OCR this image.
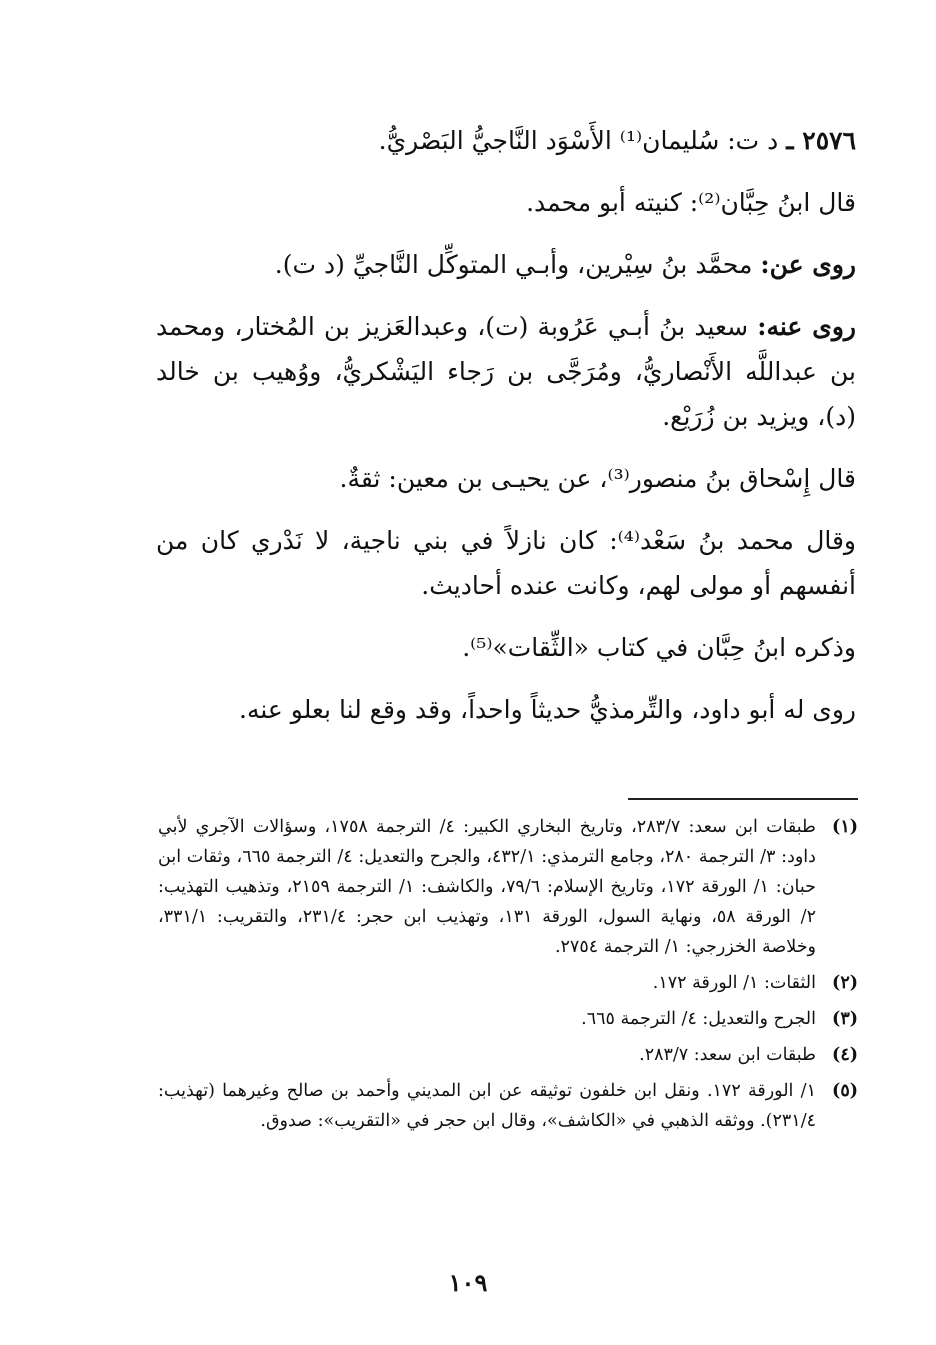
٢٥٧٦ ـ د ت: سُليمان⁽¹⁾ الأَسْوَد النَّاجيُّ البَصْريُّ.

قال ابنُ حِبَّان⁽²⁾: كنيته أبو محمد.

روى عن: محمَّد بنُ سِيْرين، وأبـي المتوكِّل النَّاجيِّ (د ت).

روى عنه: سعيد بنُ أبـي عَرُوبة (ت)، وعبدالعَزيز بن المُختار، ومحمد بن عبداللَّه الأَنْصاريُّ، ومُرَجَّى بن رَجاء اليَشْكريُّ، ووُهيب بن خالد (د)، ويزيد بن زُرَيْع.

قال إِسْحاق بنُ منصور⁽³⁾، عن يحيـى بن معين: ثقةٌ.

وقال محمد بنُ سَعْد⁽⁴⁾: كان نازلاً في بني ناجية، لا نَدْري كان من أنفسهم أو مولى لهم، وكانت عنده أحاديث.

وذكره ابنُ حِبَّان في كتاب «الثِّقات»⁽⁵⁾.

روى له أبو داود، والتِّرمذيُّ حديثاً واحداً، وقد وقع لنا بعلو عنه.

(١)
طبقات ابن سعد: ٢٨٣/٧، وتاريخ البخاري الكبير: ٤/ الترجمة ١٧٥٨، وسؤالات الآجري لأبي داود: ٣/ الترجمة ٢٨٠، وجامع الترمذي: ٤٣٢/١، والجرح والتعديل: ٤/ الترجمة ٦٦٥، وثقات ابن حبان: ١/ الورقة ١٧٢، وتاريخ الإسلام: ٧٩/٦، والكاشف: ١/ الترجمة ٢١٥٩، وتذهيب التهذيب: ٢/ الورقة ٥٨، ونهاية السول، الورقة ١٣١، وتهذيب ابن حجر: ٢٣١/٤، والتقريب: ٣٣١/١، وخلاصة الخزرجي: ١/ الترجمة ٢٧٥٤.
(٢)
الثقات: ١/ الورقة ١٧٢.
(٣)
الجرح والتعديل: ٤/ الترجمة ٦٦٥.
(٤)
طبقات ابن سعد: ٢٨٣/٧.
(٥)
١/ الورقة ١٧٢. ونقل ابن خلفون توثيقه عن ابن المديني وأحمد بن صالح وغيرهما (تهذيب: ٢٣١/٤). ووثقه الذهبي في «الكاشف»، وقال ابن حجر في «التقريب»: صدوق.
١٠٩
